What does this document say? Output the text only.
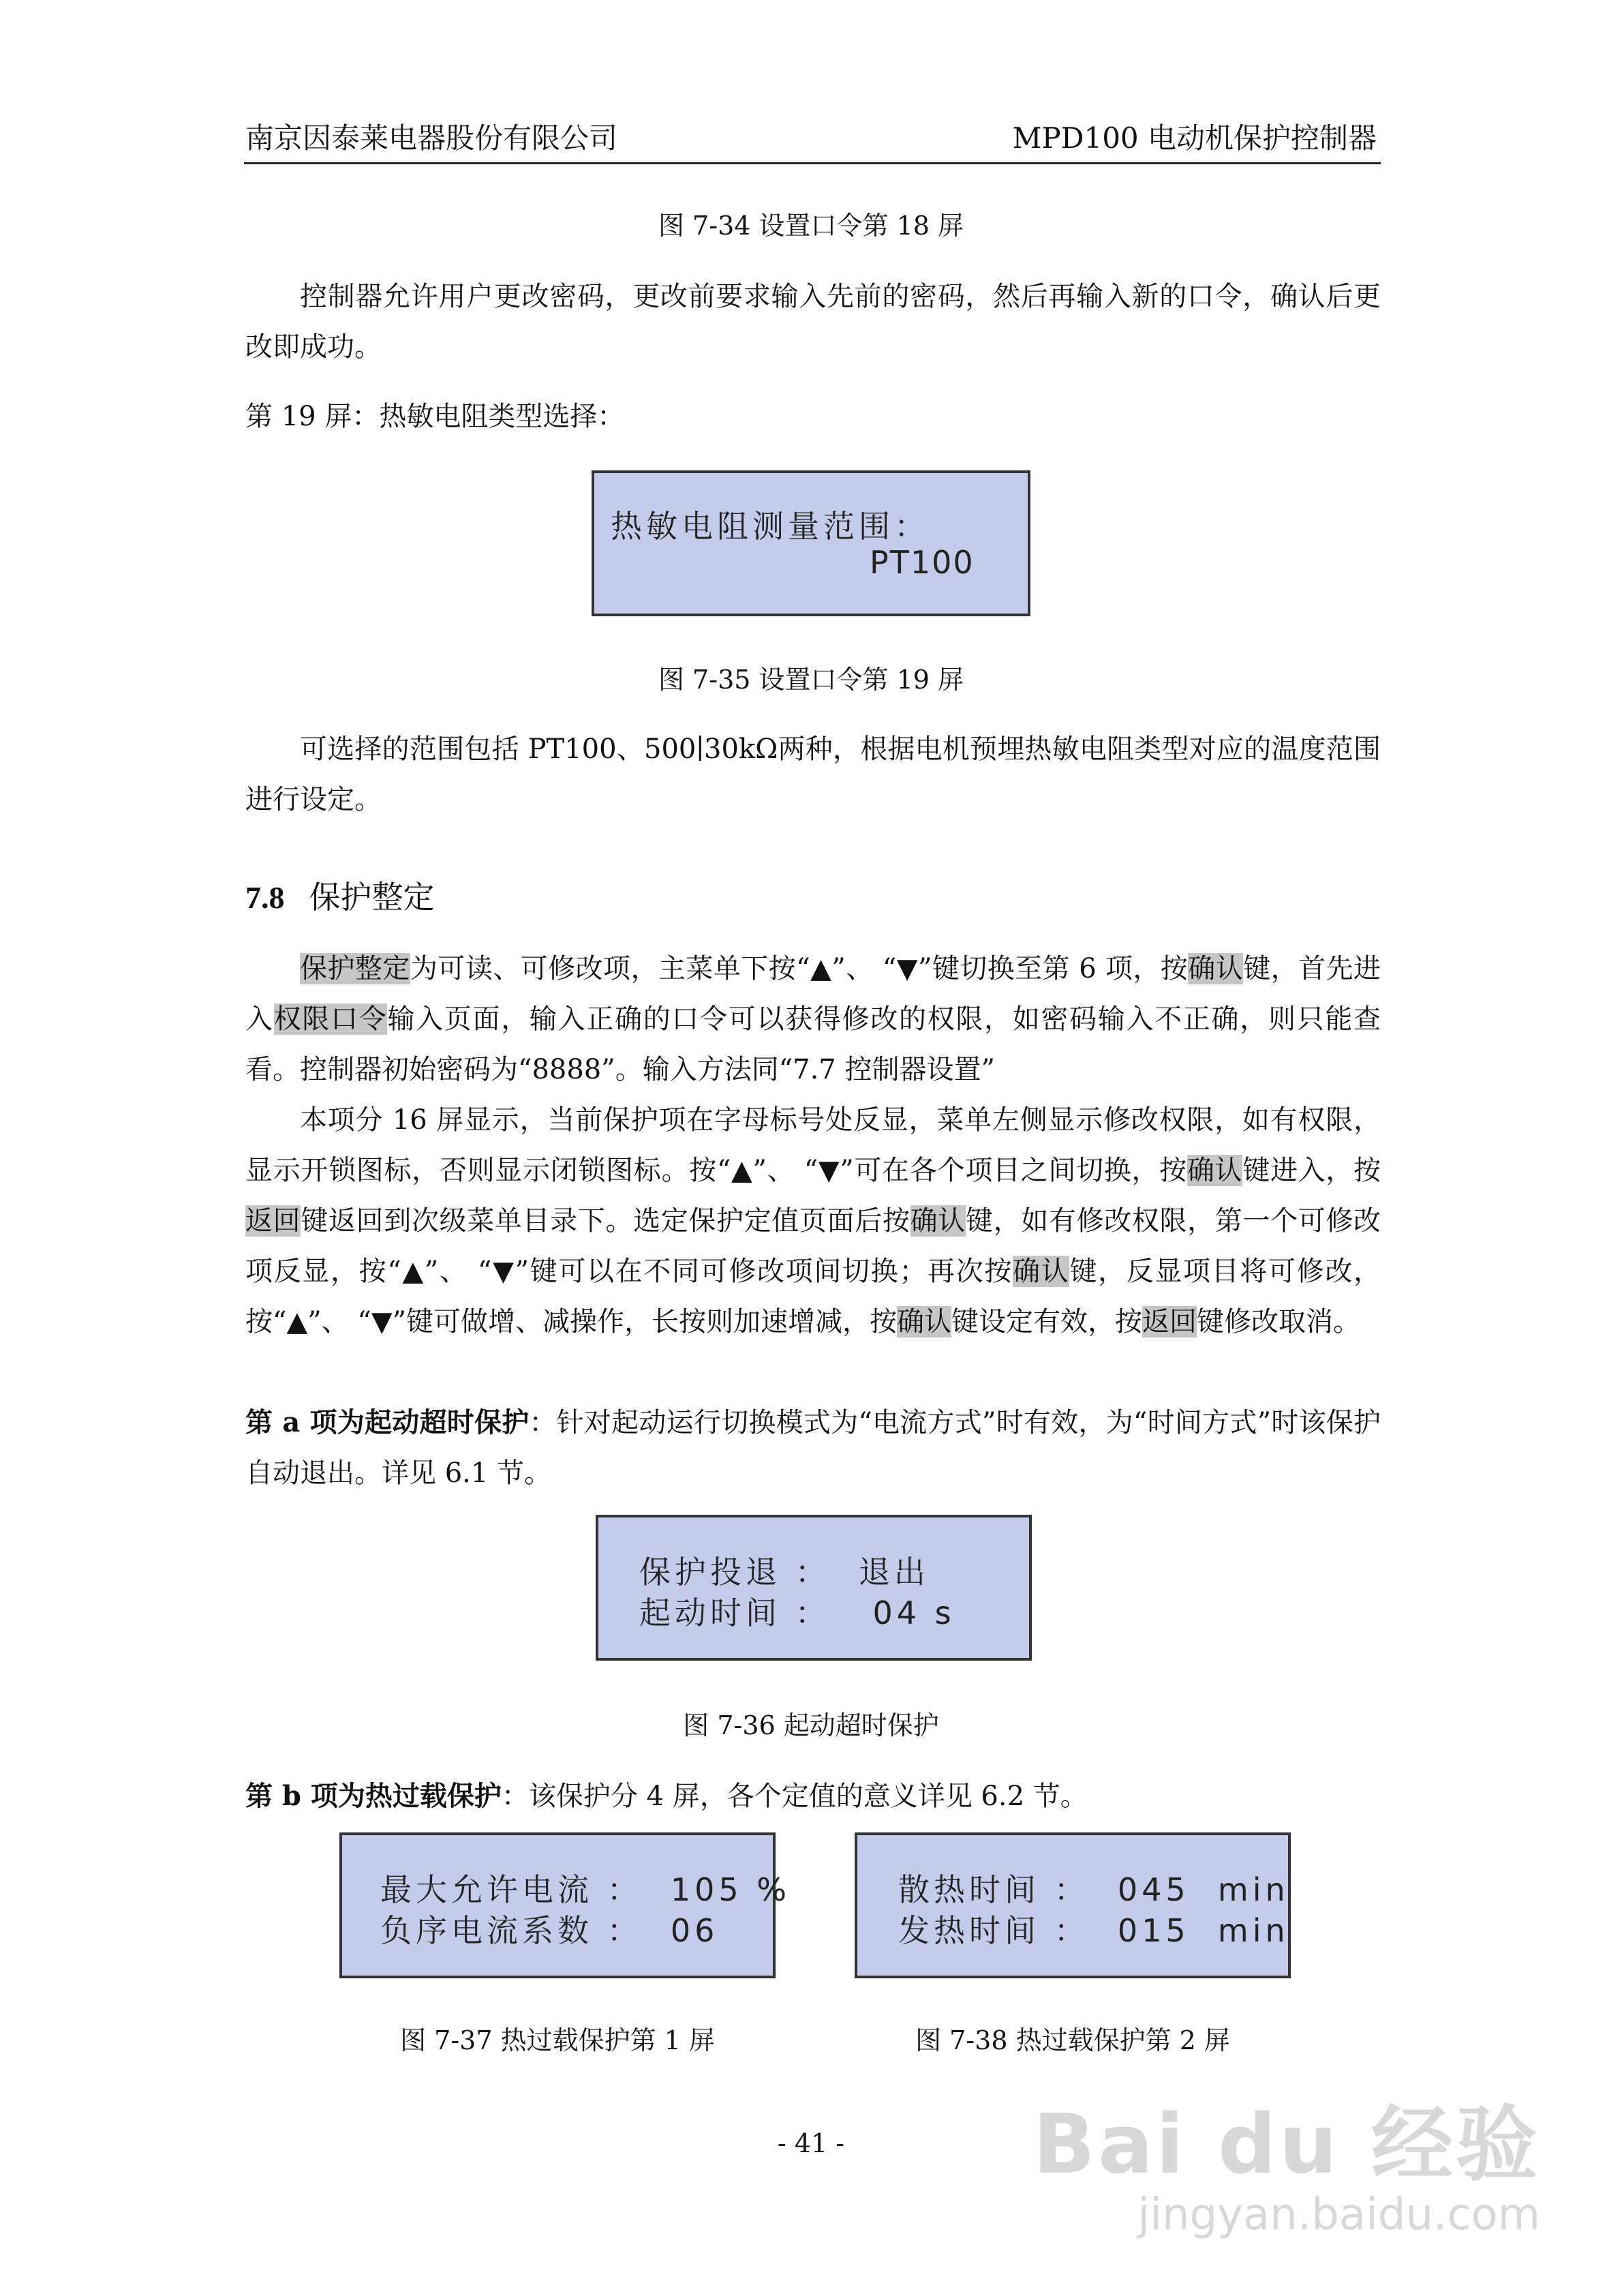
南京因泰莱电器股份有限公司	MPD100 电动机保护控制器
图 7-34 设置口令第 18 屏
控制器允许用户更改密码，更改前要求输入先前的密码，然后再输入新的口令，确认后更改即成功。
第 19 屏：热敏电阻类型选择：
热敏电阻测量范围：
PT100
图 7-35 设置口令第 19 屏
可选择的范围包括 PT100、500∣30kΩ两种，根据电机预埋热敏电阻类型对应的温度范围进行设定。
7.8 保护整定
保护整定为可读、可修改项，主菜单下按“▲”、 “▼”键切换至第 6 项，按确认键，首先进入权限口令输入页面，输入正确的口令可以获得修改的权限，如密码输入不正确，则只能查看。控制器初始密码为“8888”。输入方法同“7.7 控制器设置”
本项分 16 屏显示，当前保护项在字母标号处反显，菜单左侧显示修改权限，如有权限，显示开锁图标，否则显示闭锁图标。按“▲”、 “▼”可在各个项目之间切换，按确认键进入，按返回键返回到次级菜单目录下。选定保护定值页面后按确认键，如有修改权限，第一个可修改项反显，按“▲”、 “▼”键可以在不同可修改项间切换；再次按确认键，反显项目将可修改，按“▲”、 “▼”键可做增、减操作，长按则加速增减，按确认键设定有效，按返回键修改取消。
第 a 项为起动超时保护：针对起动运行切换模式为“电流方式”时有效，为“时间方式”时该保护自动退出。详见 6.1 节。
保护投退 ：  退出
起动时间 ：   04 s
图 7-36 起动超时保护
第 b 项为热过载保护：该保护分 4 屏，各个定值的意义详见 6.2 节。
最大允许电流 ：  105 %
负序电流系数 ：  06
散热时间 ：  045  min
发热时间 ：  015  min
图 7-37 热过载保护第 1 屏	图 7-38 热过载保护第 2 屏
- 41 -	Bai du 经验
jingyan.baidu.com
